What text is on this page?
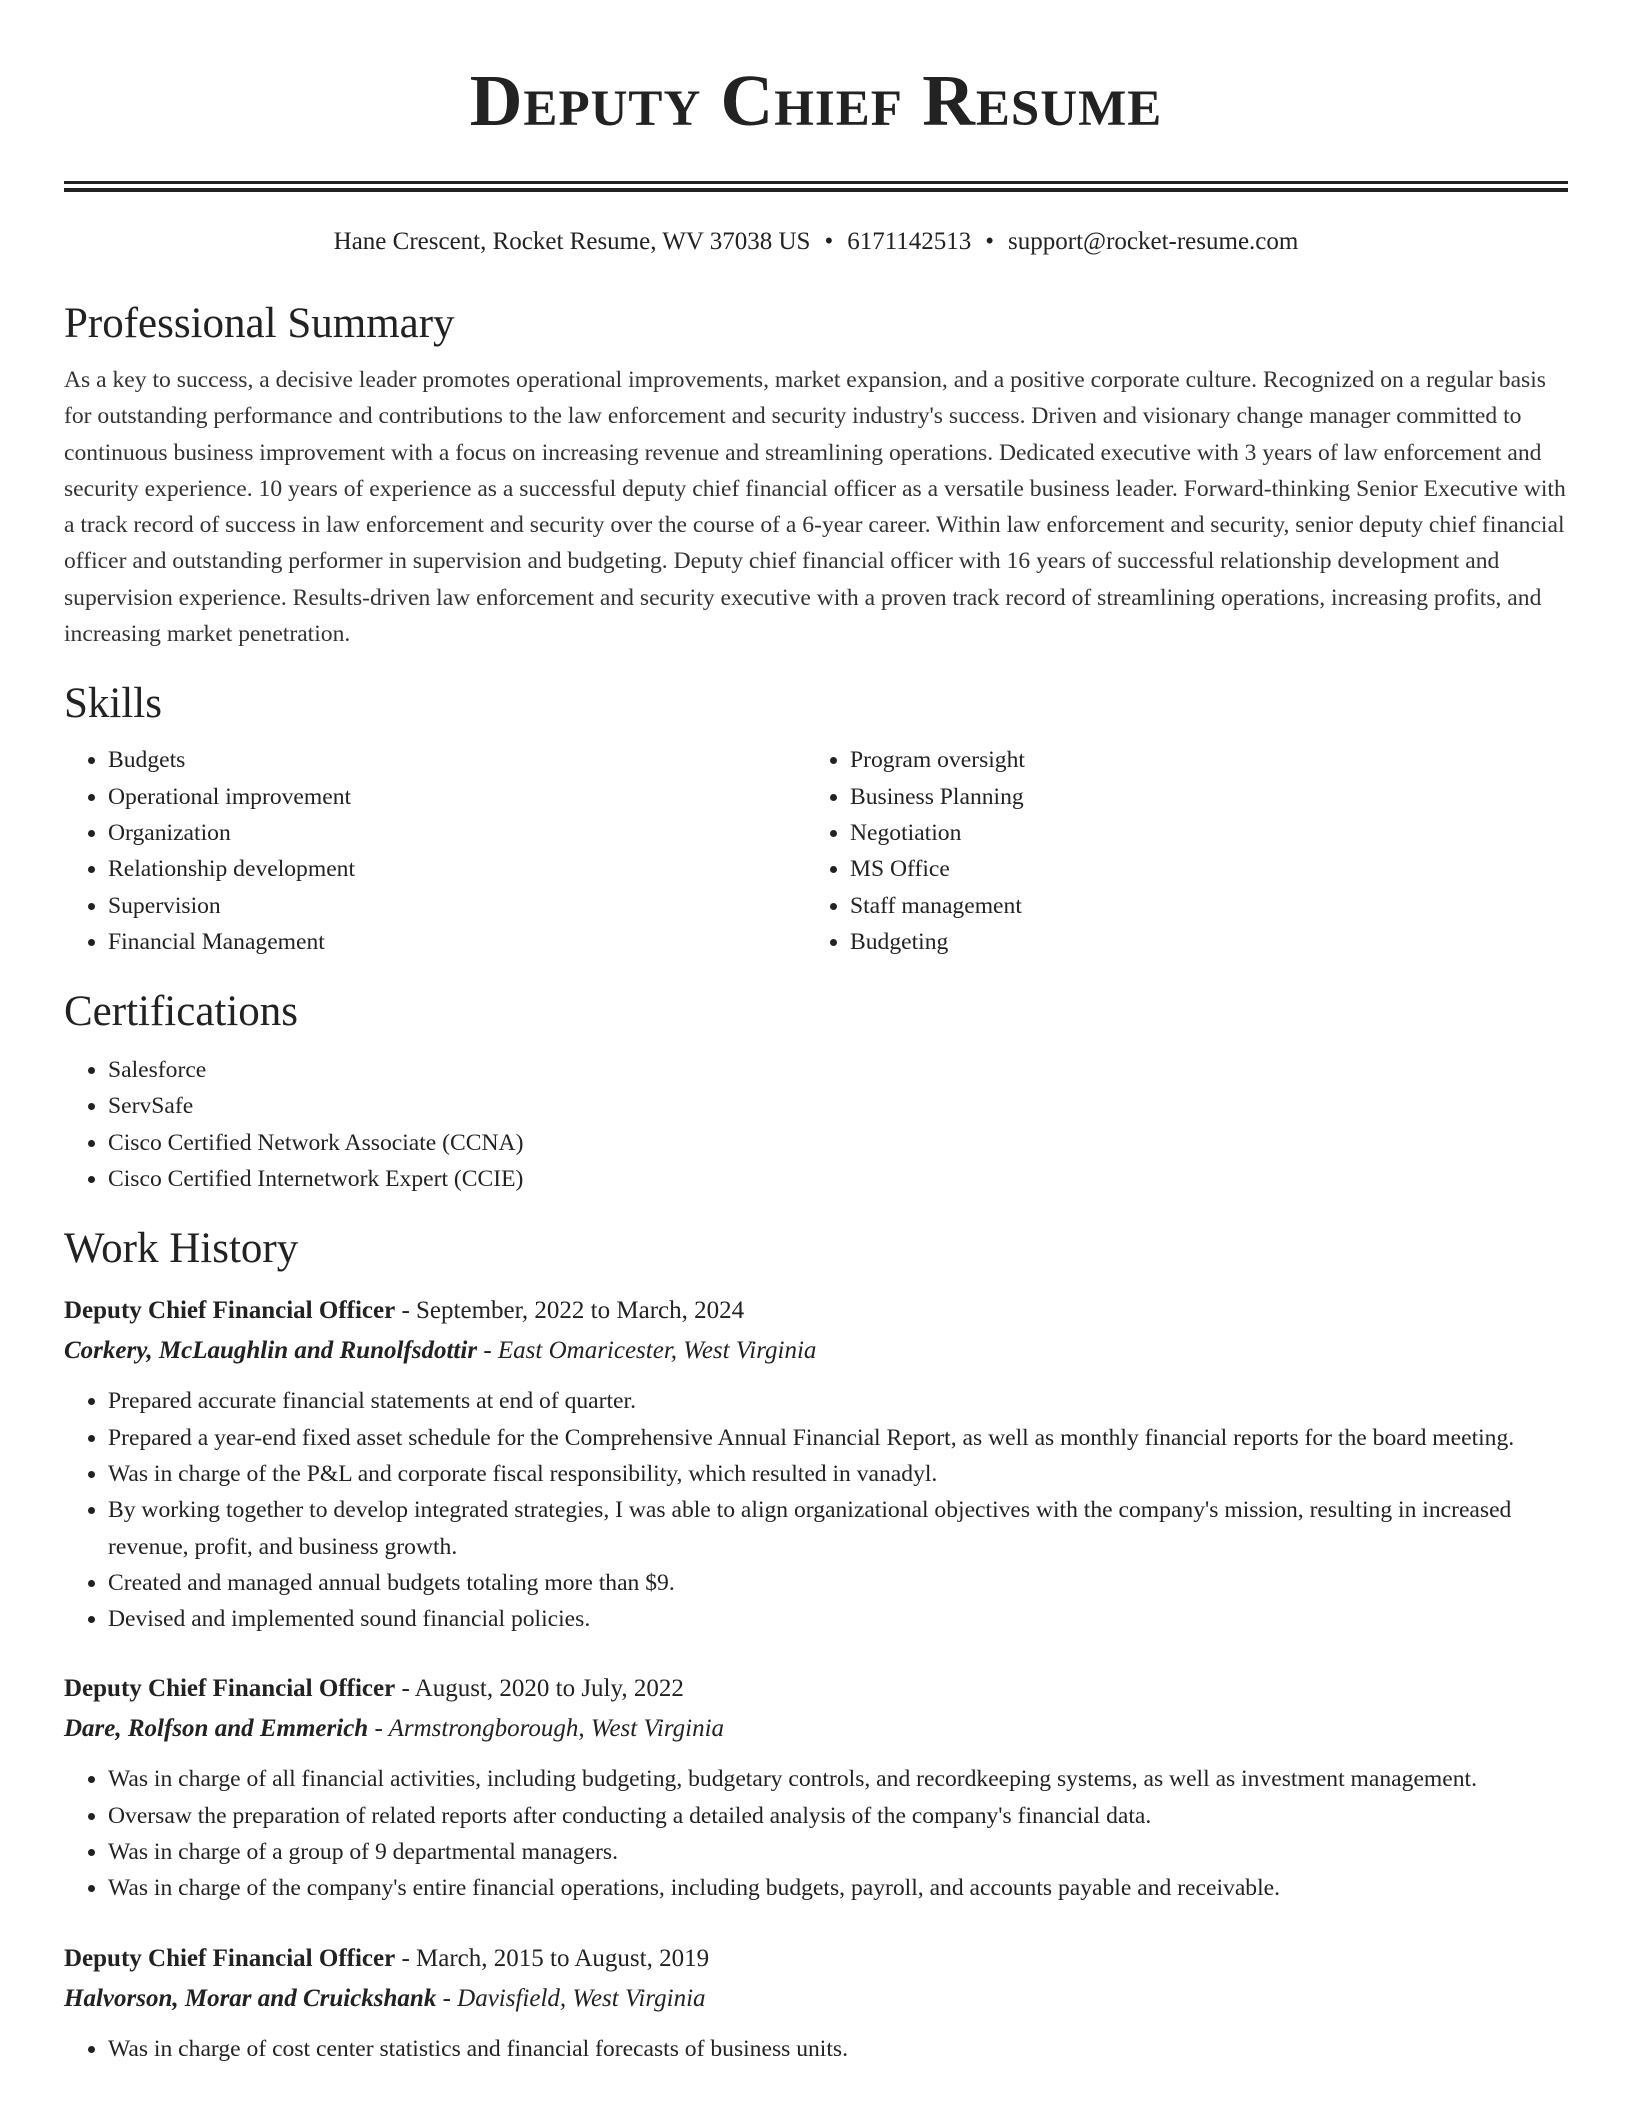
Deputy Chief Resume
Hane Crescent, Rocket Resume, WV 37038 US • 6171142513 • support@rocket-resume.com
Professional Summary
As a key to success, a decisive leader promotes operational improvements, market expansion, and a positive corporate culture. Recognized on a regular basis for outstanding performance and contributions to the law enforcement and security industry's success. Driven and visionary change manager committed to continuous business improvement with a focus on increasing revenue and streamlining operations. Dedicated executive with 3 years of law enforcement and security experience. 10 years of experience as a successful deputy chief financial officer as a versatile business leader. Forward-thinking Senior Executive with a track record of success in law enforcement and security over the course of a 6-year career. Within law enforcement and security, senior deputy chief financial officer and outstanding performer in supervision and budgeting. Deputy chief financial officer with 16 years of successful relationship development and supervision experience. Results-driven law enforcement and security executive with a proven track record of streamlining operations, increasing profits, and increasing market penetration.
Skills
• Budgets
• Operational improvement
• Organization
• Relationship development
• Supervision
• Financial Management
• Program oversight
• Business Planning
• Negotiation
• MS Office
• Staff management
• Budgeting
Certifications
• Salesforce
• ServSafe
• Cisco Certified Network Associate (CCNA)
• Cisco Certified Internetwork Expert (CCIE)
Work History
Deputy Chief Financial Officer - September, 2022 to March, 2024
Corkery, McLaughlin and Runolfsdottir - East Omaricester, West Virginia
• Prepared accurate financial statements at end of quarter.
• Prepared a year-end fixed asset schedule for the Comprehensive Annual Financial Report, as well as monthly financial reports for the board meeting.
• Was in charge of the P&L and corporate fiscal responsibility, which resulted in vanadyl.
• By working together to develop integrated strategies, I was able to align organizational objectives with the company's mission, resulting in increased revenue, profit, and business growth.
• Created and managed annual budgets totaling more than $9.
• Devised and implemented sound financial policies.
Deputy Chief Financial Officer - August, 2020 to July, 2022
Dare, Rolfson and Emmerich - Armstrongborough, West Virginia
• Was in charge of all financial activities, including budgeting, budgetary controls, and recordkeeping systems, as well as investment management.
• Oversaw the preparation of related reports after conducting a detailed analysis of the company's financial data.
• Was in charge of a group of 9 departmental managers.
• Was in charge of the company's entire financial operations, including budgets, payroll, and accounts payable and receivable.
Deputy Chief Financial Officer - March, 2015 to August, 2019
Halvorson, Morar and Cruickshank - Davisfield, West Virginia
• Was in charge of cost center statistics and financial forecasts of business units.
